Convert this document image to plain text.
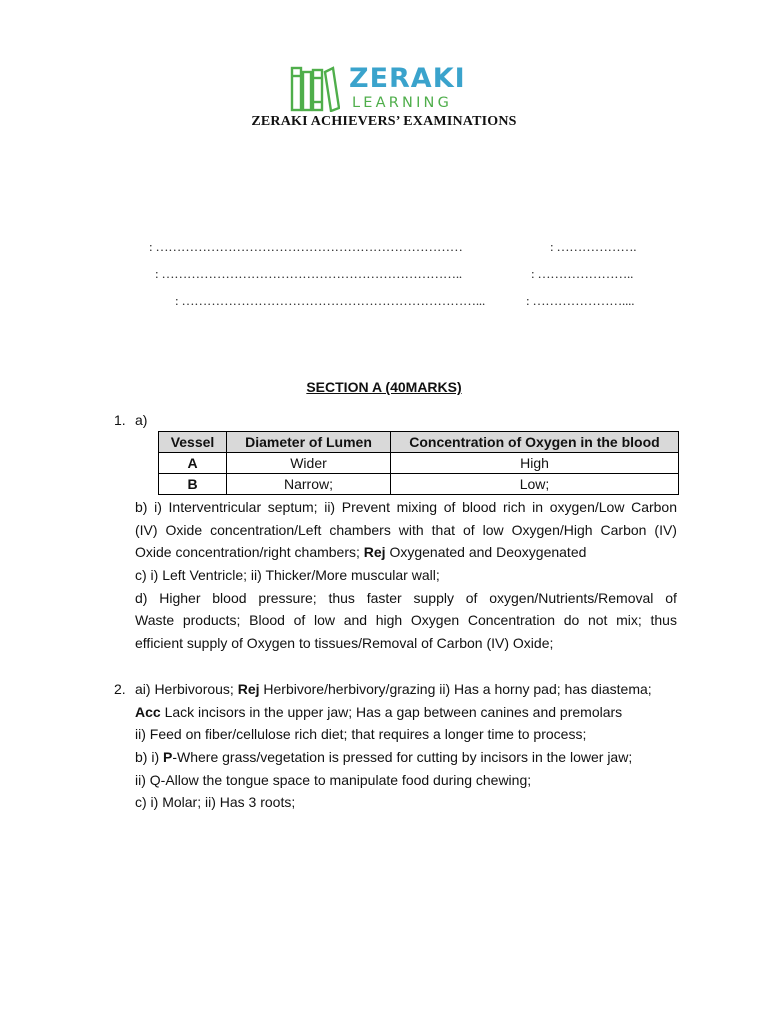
ZERAKI
LEARNING
ZERAKI ACHIEVERS’ EXAMINATIONS
: ………………………………………………………………	: ……………….
: ……………………………………………………………..	: …………………..
: ……………………………………………………………...	: …………………....
SECTION A (40MARKS)
1. a)
Vessel	Diameter of Lumen	Concentration of Oxygen in the blood
A	Wider	High
B	Narrow;	Low;
b) i) Interventricular septum; ii) Prevent mixing of blood rich in oxygen/Low Carbon
(IV) Oxide concentration/Left chambers with that of low Oxygen/High Carbon (IV)
Oxide concentration/right chambers; Rej Oxygenated and Deoxygenated
c) i) Left Ventricle; ii) Thicker/More muscular wall;
d) Higher blood pressure; thus faster supply of oxygen/Nutrients/Removal of
Waste products; Blood of low and high Oxygen Concentration do not mix; thus
efficient supply of Oxygen to tissues/Removal of Carbon (IV) Oxide;
2. ai) Herbivorous; Rej Herbivore/herbivory/grazing ii) Has a horny pad; has diastema;
Acc Lack incisors in the upper jaw; Has a gap between canines and premolars
ii) Feed on fiber/cellulose rich diet; that requires a longer time to process;
b) i) P-Where grass/vegetation is pressed for cutting by incisors in the lower jaw;
ii) Q-Allow the tongue space to manipulate food during chewing;
c) i) Molar; ii) Has 3 roots;
